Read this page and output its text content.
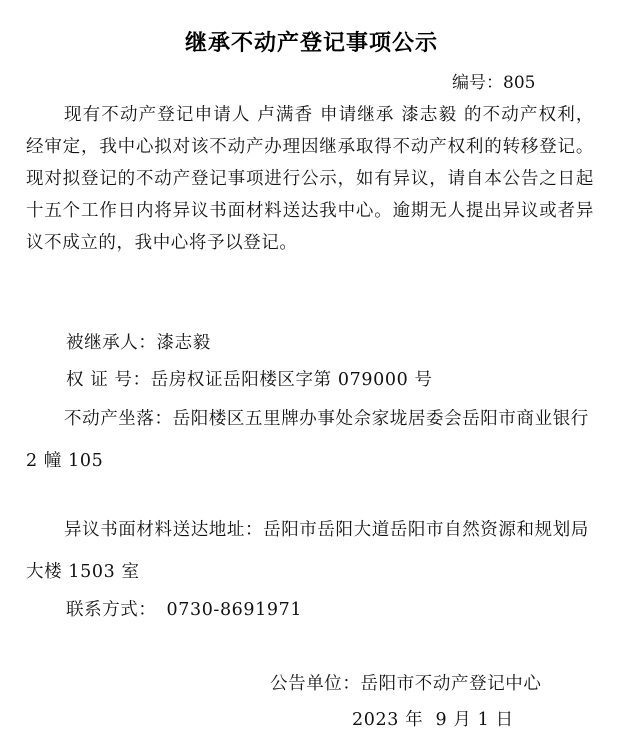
继承不动产登记事项公示
编号：805

现有不动产登记申请人 卢满香 申请继承 漆志毅 的不动产权利，经审定，我中心拟对该不动产办理因继承取得不动产权利的转移登记。现对拟登记的不动产登记事项进行公示，如有异议，请自本公告之日起十五个工作日内将异议书面材料送达我中心。逾期无人提出异议或者异议不成立的，我中心将予以登记。

被继承人：漆志毅
权 证 号：岳房权证岳阳楼区字第 079000 号

不动产坐落：岳阳楼区五里牌办事处佘家垅居委会岳阳市商业银行 2 幢 105

异议书面材料送达地址：岳阳市岳阳大道岳阳市自然资源和规划局大楼 1503 室

联系方式： 0730-8691971
公告单位：岳阳市不动产登记中心
2023 年  9 月 1 日
